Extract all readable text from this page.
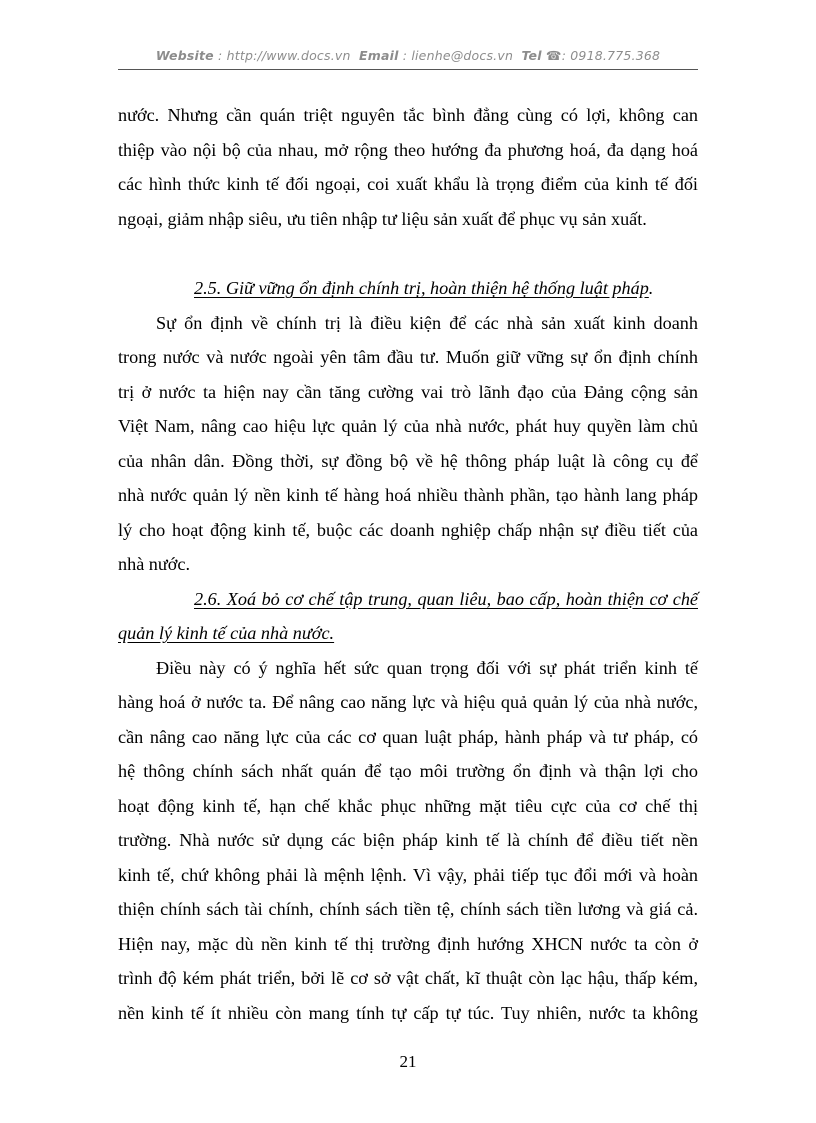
Website : http://www.docs.vn Email : lienhe@docs.vn Tel ☎: 0918.775.368
nước. Nhưng cần quán triệt nguyên tắc bình đẳng cùng có lợi, không can
thiệp vào nội bộ của nhau, mở rộng theo hướng đa phương hoá, đa dạng hoá
các hình thức kinh tế đối ngoại, coi xuất khẩu là trọng điểm của kinh tế đối
ngoại, giảm nhập siêu, ưu tiên nhập tư liệu sản xuất để phục vụ sản xuất.
2.5. Giữ vững ổn định chính trị, hoàn thiện hệ thống luật pháp.
Sự ổn định về chính trị là điều kiện để các nhà sản xuất kinh doanh
trong nước và nước ngoài yên tâm đầu tư. Muốn giữ vững sự ổn định chính
trị ở nước ta hiện nay cần tăng cường vai trò lãnh đạo của Đảng cộng sản
Việt Nam, nâng cao hiệu lực quản lý của nhà nước, phát huy quyền làm chủ
của nhân dân. Đồng thời, sự đồng bộ về hệ thông pháp luật là công cụ để
nhà nước quản lý nền kinh tế hàng hoá nhiều thành phần, tạo hành lang pháp
lý cho hoạt động kinh tế, buộc các doanh nghiệp chấp nhận sự điều tiết của
nhà nước.
2.6. Xoá bỏ cơ chế tập trung, quan liêu, bao cấp, hoàn thiện cơ chế
quản lý kinh tế của nhà nước.
Điều này có ý nghĩa hết sức quan trọng đối với sự phát triển kinh tế
hàng hoá ở nước ta. Để nâng cao năng lực và hiệu quả quản lý của nhà nước,
cần nâng cao năng lực của các cơ quan luật pháp, hành pháp và tư pháp, có
hệ thông chính sách nhất quán để tạo môi trường ổn định và thận lợi cho
hoạt động kinh tế, hạn chế khắc phục những mặt tiêu cực của cơ chế thị
trường. Nhà nước sử dụng các biện pháp kinh tế là chính để điều tiết nền
kinh tế, chứ không phải là mệnh lệnh. Vì vậy, phải tiếp tục đổi mới và hoàn
thiện chính sách tài chính, chính sách tiền tệ, chính sách tiền lương và giá cả.
Hiện nay, mặc dù nền kinh tế thị trường định hướng XHCN nước ta còn ở
trình độ kém phát triển, bởi lẽ cơ sở vật chất, kĩ thuật còn lạc hậu, thấp kém,
nền kinh tế ít nhiều còn mang tính tự cấp tự túc. Tuy nhiên, nước ta không
21
